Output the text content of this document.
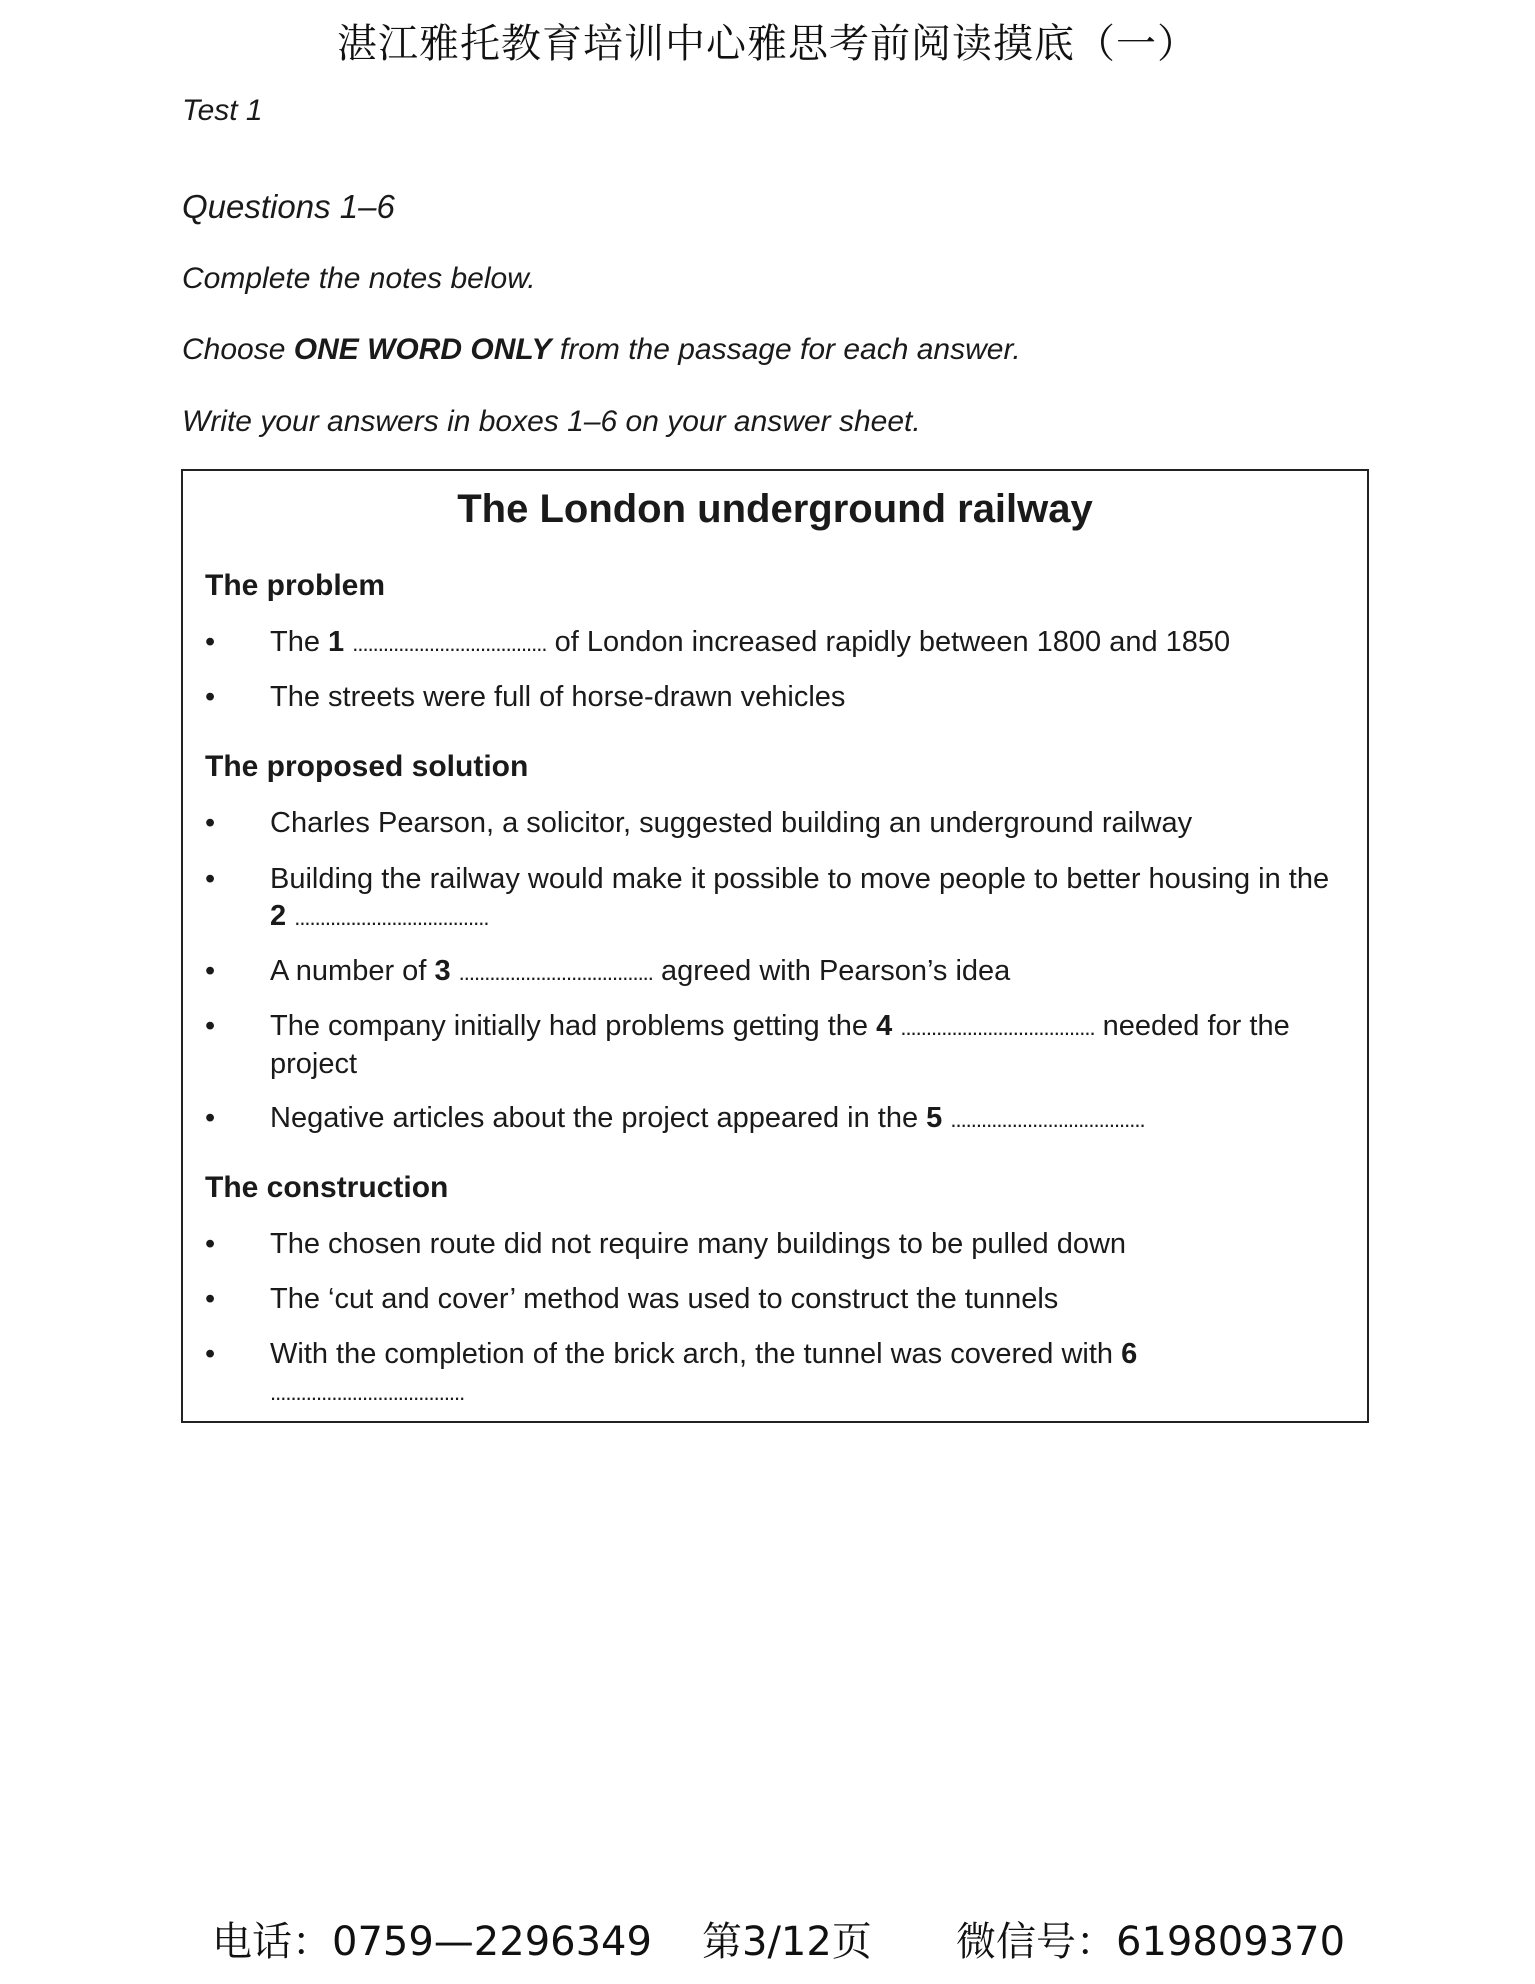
湛江雅托教育培训中心雅思考前阅读摸底（一）
Test 1
Questions 1–6
Complete the notes below.
Choose ONE WORD ONLY from the passage for each answer.
Write your answers in boxes 1–6 on your answer sheet.
The London underground railway
The problem
•	The 1 ...................................... of London increased rapidly between 1800 and 1850
•	The streets were full of horse-drawn vehicles
The proposed solution
•	Charles Pearson, a solicitor, suggested building an underground railway
•	Building the railway would make it possible to move people to better housing in the 2 ......................................
•	A number of 3 ...................................... agreed with Pearson’s idea
•	The company initially had problems getting the 4 ...................................... needed for the project
•	Negative articles about the project appeared in the 5 ......................................
The construction
•	The chosen route did not require many buildings to be pulled down
•	The ‘cut and cover’ method was used to construct the tunnels
•	With the completion of the brick arch, the tunnel was covered with 6 ......................................
电话：0759—2296349 第3/12页 微信号：619809370
